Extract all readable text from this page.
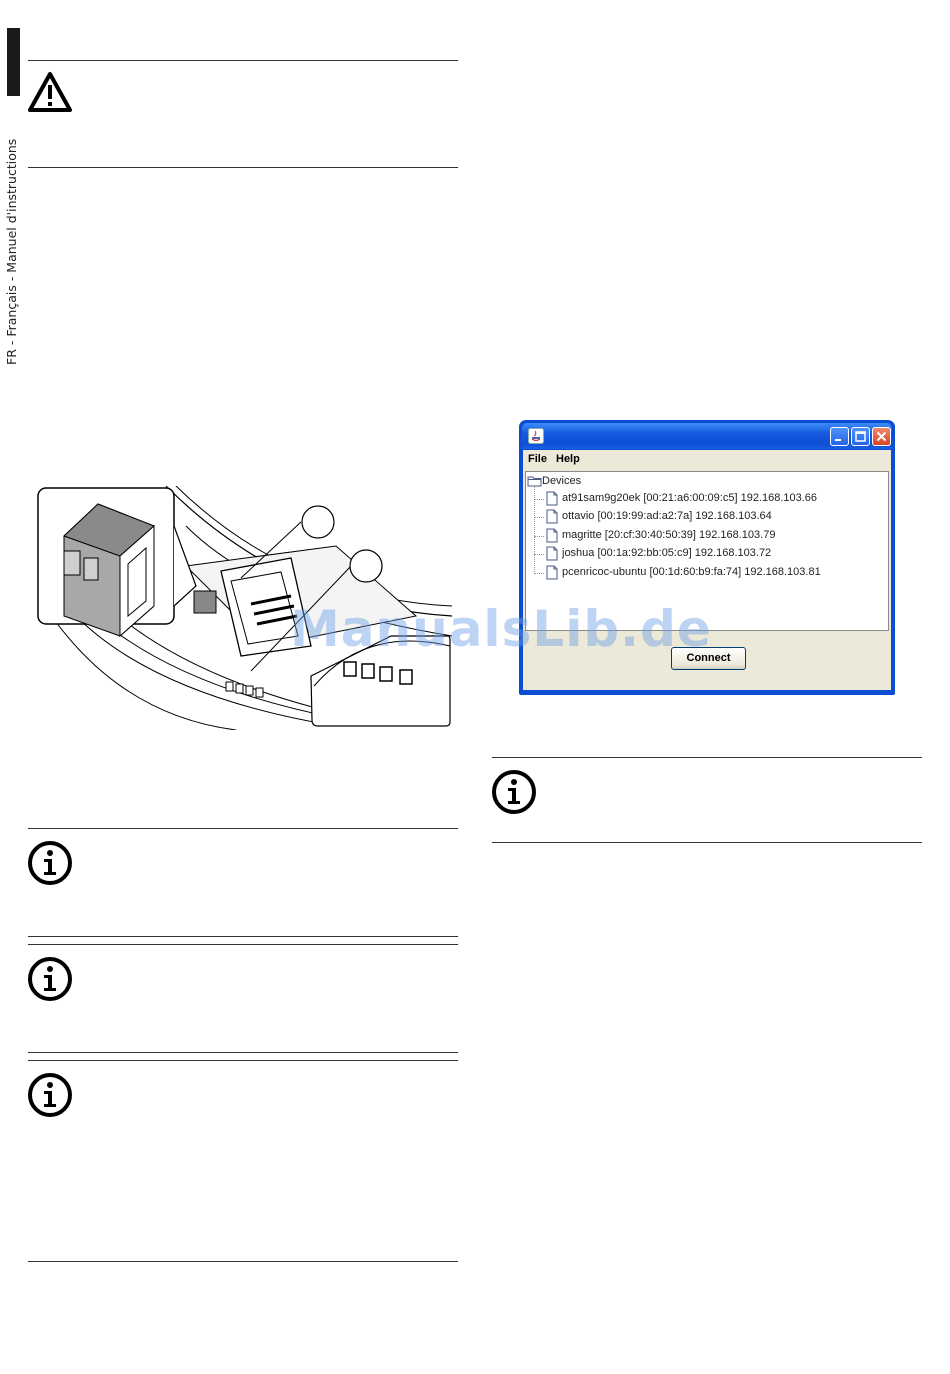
FR - Français - Manuel d'instructions
File Help
Devices
at91sam9g20ek [00:21:a6:00:09:c5] 192.168.103.66
ottavio [00:19:99:ad:a2:7a] 192.168.103.64
magritte [20:cf:30:40:50:39] 192.168.103.79
joshua [00:1a:92:bb:05:c9] 192.168.103.72
pcenricoc-ubuntu [00:1d:60:b9:fa:74] 192.168.103.81
Connect
ManualsLib.de
